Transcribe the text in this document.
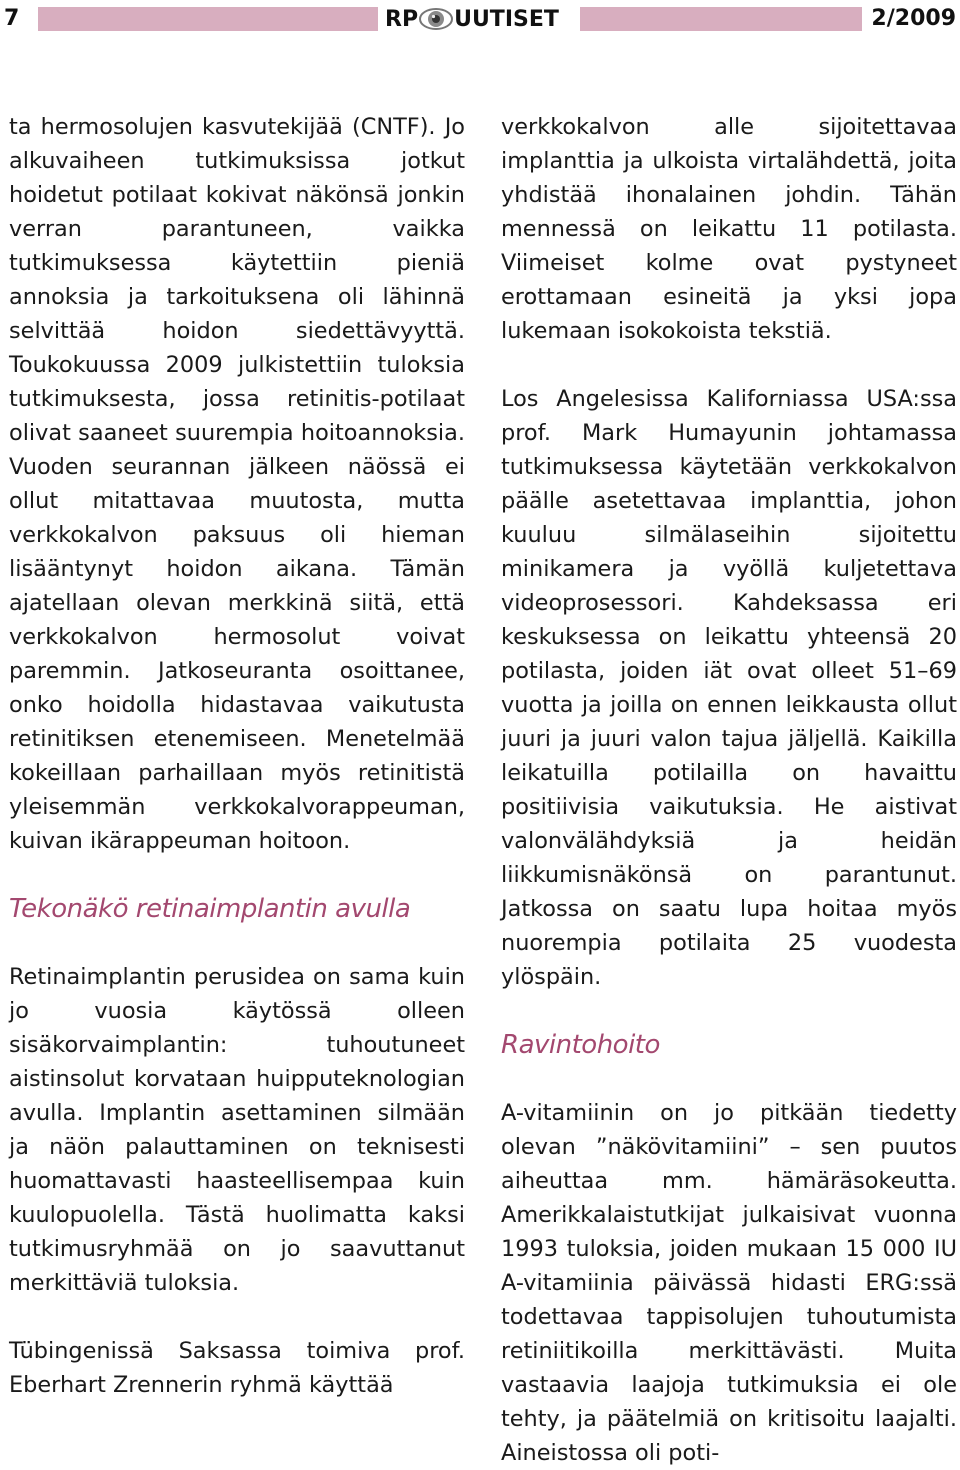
7	RP UUTISET	2/2009

ta hermosolujen kasvutekijää (CNTF). Jo alkuvaiheen tutkimuksissa jotkut hoidetut potilaat kokivat näkönsä jonkin verran parantuneen, vaikka tutkimuksessa käytettiin pieniä annoksia ja tarkoituksena oli lähinnä selvittää hoidon siedettävyyttä. Toukokuussa 2009 julkistettiin tuloksia tutkimuksesta, jossa retinitis-potilaat olivat saaneet suurempia hoitoannoksia. Vuoden seurannan jälkeen näössä ei ollut mitattavaa muutosta, mutta verkkokalvon paksuus oli hieman lisääntynyt hoidon aikana. Tämän ajatellaan olevan merkkinä siitä, että verkkokalvon hermosolut voivat paremmin. Jatkoseuranta osoittanee, onko hoidolla hidastavaa vaikutusta retinitiksen etenemiseen. Menetelmää kokeillaan parhaillaan myös retinitistä yleisemmän verkkokalvorappeuman, kuivan ikärappeuman hoitoon.

Tekonäkö retinaimplantin avulla

Retinaimplantin perusidea on sama kuin jo vuosia käytössä olleen sisäkorvaimplantin: tuhoutuneet aistinsolut korvataan huipputeknologian avulla. Implantin asettaminen silmään ja näön palauttaminen on teknisesti huomattavasti haasteellisempaa kuin kuulopuolella. Tästä huolimatta kaksi tutkimusryhmää on jo saavuttanut merkittäviä tuloksia.

Tübingenissä Saksassa toimiva prof. Eberhart Zrennerin ryhmä käyttää

verkkokalvon alle sijoitettavaa implanttia ja ulkoista virtalähdettä, joita yhdistää ihonalainen johdin. Tähän mennessä on leikattu 11 potilasta. Viimeiset kolme ovat pystyneet erottamaan esineitä ja yksi jopa lukemaan isokokoista tekstiä.

Los Angelesissa Kaliforniassa USA:ssa prof. Mark Humayunin johtamassa tutkimuksessa käytetään verkkokalvon päälle asetettavaa implanttia, johon kuuluu silmälaseihin sijoitettu minikamera ja vyöllä kuljetettava videoprosessori. Kahdeksassa eri keskuksessa on leikattu yhteensä 20 potilasta, joiden iät ovat olleet 51–69 vuotta ja joilla on ennen leikkausta ollut juuri ja juuri valon tajua jäljellä. Kaikilla leikatuilla potilailla on havaittu positiivisia vaikutuksia. He aistivat valonvälähdyksiä ja heidän liikkumisnäkönsä on parantunut. Jatkossa on saatu lupa hoitaa myös nuorempia potilaita 25 vuodesta ylöspäin.

Ravintohoito

A-vitamiinin on jo pitkään tiedetty olevan ”näkövitamiini” – sen puutos aiheuttaa mm. hämäräsokeutta. Amerikkalaistutkijat julkaisivat vuonna 1993 tuloksia, joiden mukaan 15 000 IU A-vitamiinia päivässä hidasti ERG:ssä todettavaa tappisolujen tuhoutumista retiniitikoilla merkittävästi. Muita vastaavia laajoja tutkimuksia ei ole tehty, ja päätelmiä on kritisoitu laajalti. Aineistossa oli poti-
